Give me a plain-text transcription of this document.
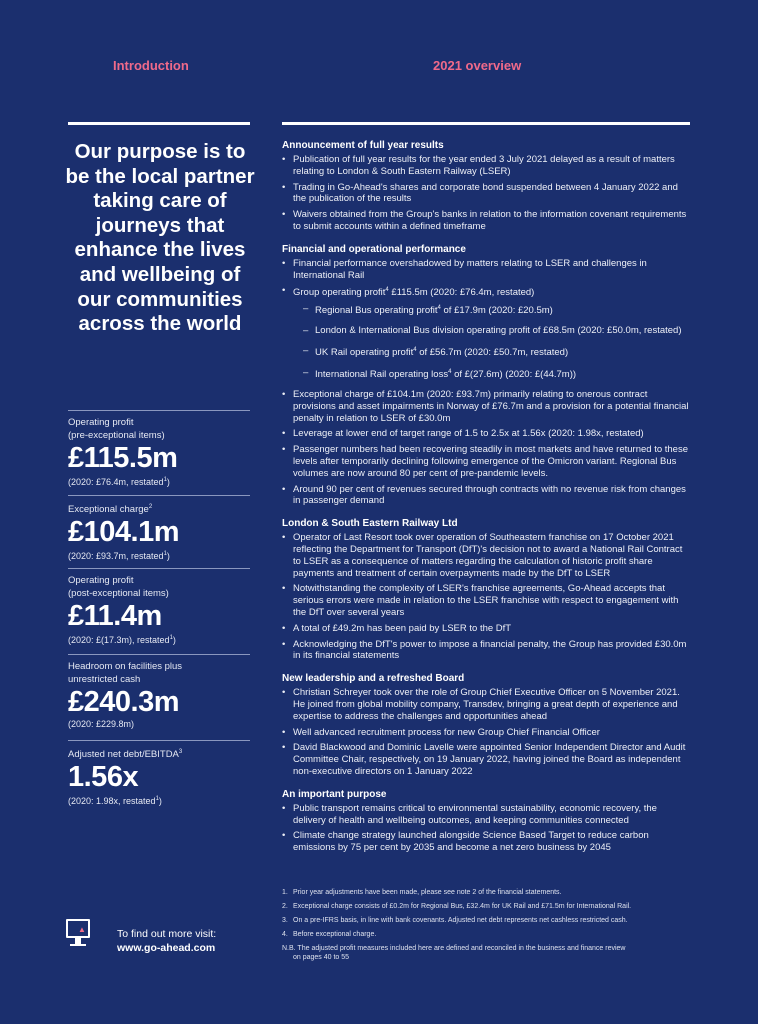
Introduction	2021 overview
Our purpose is to be the local partner taking care of journeys that enhance the lives and wellbeing of our communities across the world
Operating profit
(pre-exceptional items)
£115.5m
(2020: £76.4m, restated$^1$)
Exceptional charge$^2$
£104.1m
(2020: £93.7m, restated$^1$)
Operating profit
(post-exceptional items)
£11.4m
(2020: £(17.3m), restated$^1$)
Headroom on facilities plus
unrestricted cash
£240.3m
(2020: £229.8m)
Adjusted net debt/EBITDA$^3$
1.56x
(2020: 1.98x, restated$^1$)
▲	To find out more visit:
www.go-ahead.com
Announcement of full year results
• Publication of full year results for the year ended 3 July 2021 delayed as a result of matters relating to London & South Eastern Railway (LSER)
• Trading in Go-Ahead's shares and corporate bond suspended between 4 January 2022 and the publication of the results
• Waivers obtained from the Group's banks in relation to the information covenant requirements to submit accounts within a defined timeframe
Financial and operational performance
• Financial performance overshadowed by matters relating to LSER and challenges in International Rail
• Group operating profit$^4$ £115.5m (2020: £76.4m, restated)
– Regional Bus operating profit$^4$ of £17.9m (2020: £20.5m)
– London & International Bus division operating profit of £68.5m (2020: £50.0m, restated)
– UK Rail operating profit$^4$ of £56.7m (2020: £50.7m, restated)
– International Rail operating loss$^4$ of £(27.6m) (2020: £(44.7m))
• Exceptional charge of £104.1m (2020: £93.7m) primarily relating to onerous contract provisions and asset impairments in Norway of £76.7m and a provision for a potential financial penalty in relation to LSER of £30.0m
• Leverage at lower end of target range of 1.5 to 2.5x at 1.56x (2020: 1.98x, restated)
• Passenger numbers had been recovering steadily in most markets and have returned to these levels after temporarily declining following emergence of the Omicron variant. Regional Bus volumes are now around 80 per cent of pre-pandemic levels.
• Around 90 per cent of revenues secured through contracts with no revenue risk from changes in passenger demand
London & South Eastern Railway Ltd
• Operator of Last Resort took over operation of Southeastern franchise on 17 October 2021 reflecting the Department for Transport (DfT)'s decision not to award a National Rail Contract to LSER as a consequence of matters regarding the calculation of historic profit share payments and treatment of certain overpayments made by the DfT to LSER
• Notwithstanding the complexity of LSER's franchise agreements, Go-Ahead accepts that serious errors were made in relation to the LSER franchise with respect to engagement with the DfT over several years
• A total of £49.2m has been paid by LSER to the DfT
• Acknowledging the DfT's power to impose a financial penalty, the Group has provided £30.0m in its financial statements
New leadership and a refreshed Board
• Christian Schreyer took over the role of Group Chief Executive Officer on 5 November 2021. He joined from global mobility company, Transdev, bringing a great depth of experience and expertise to address the challenges and opportunities ahead
• Well advanced recruitment process for new Group Chief Financial Officer
• David Blackwood and Dominic Lavelle were appointed Senior Independent Director and Audit Committee Chair, respectively, on 19 January 2022, having joined the Board as independent non-executive directors on 1 January 2022
An important purpose
• Public transport remains critical to environmental sustainability, economic recovery, the delivery of health and wellbeing outcomes, and keeping communities connected
• Climate change strategy launched alongside Science Based Target to reduce carbon emissions by 75 per cent by 2035 and become a net zero business by 2045
1. Prior year adjustments have been made, please see note 2 of the financial statements.
2. Exceptional charge consists of £0.2m for Regional Bus, £32.4m for UK Rail and £71.5m for International Rail.
3. On a pre-IFRS basis, in line with bank covenants. Adjusted net debt represents net cashless restricted cash.
4. Before exceptional charge.
N.B. The adjusted profit measures included here are defined and reconciled in the business and finance review
on pages 40 to 55
